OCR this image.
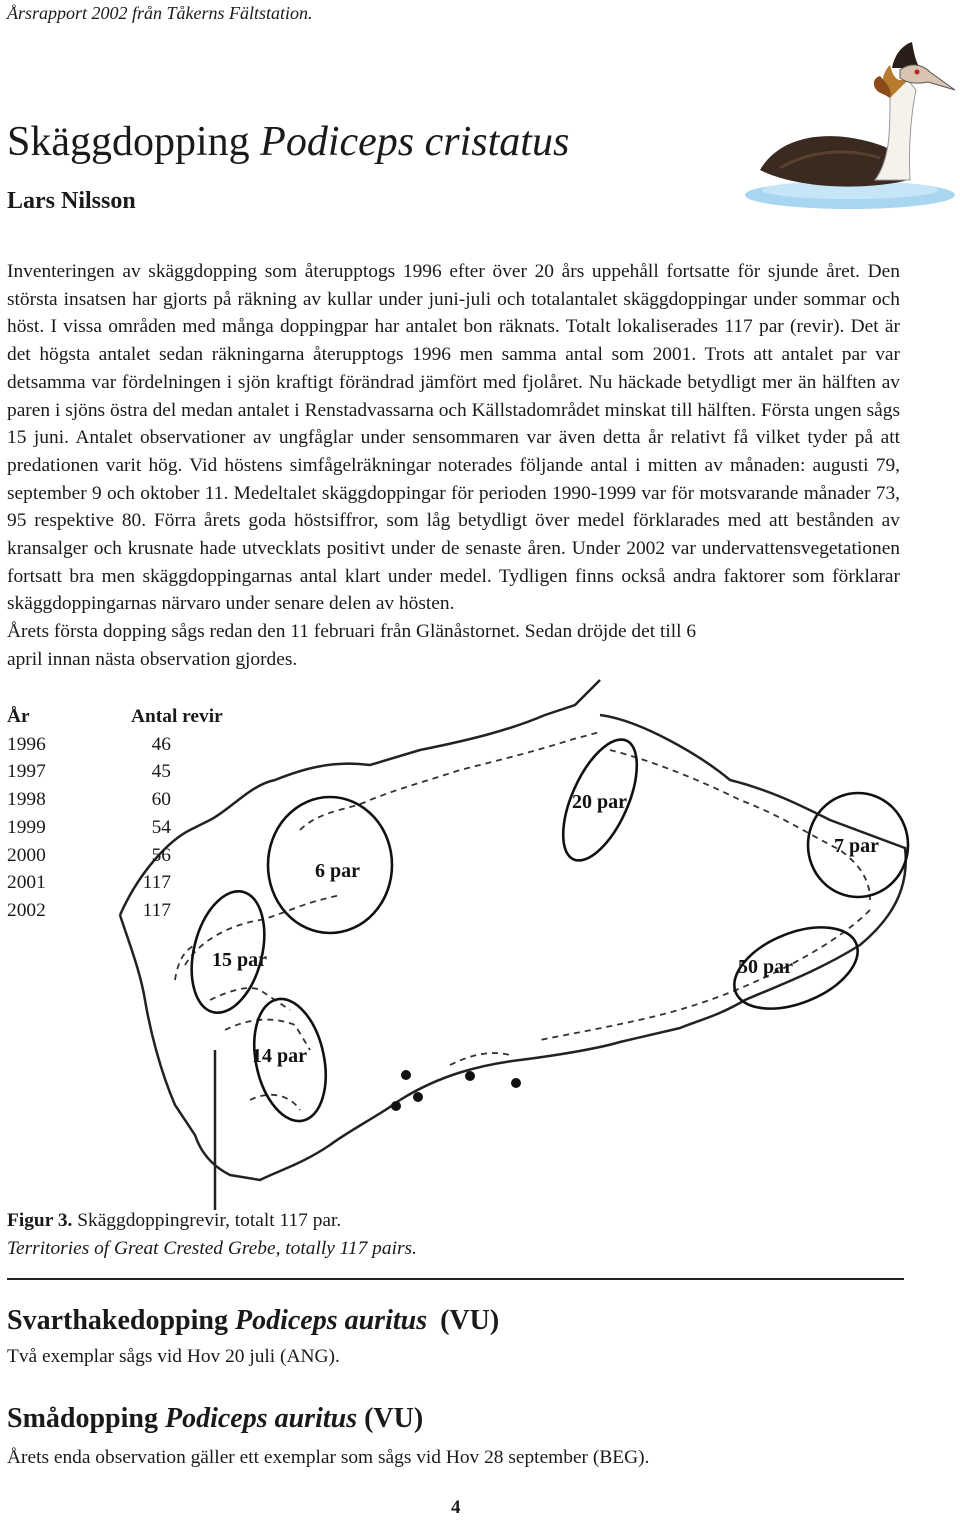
Årsrapport 2002 från Tåkerns Fältstation.
Skäggdopping Podiceps cristatus
Lars Nilsson

Inventeringen av skäggdopping som återupptogs 1996 efter över 20 års uppehåll fortsatte för sjunde året. Den största insatsen har gjorts på räkning av kullar under juni-juli och totalantalet skäggdoppingar under sommar och höst. I vissa områden med många doppingpar har antalet bon räknats. Totalt lokaliserades 117 par (revir). Det är det högsta antalet sedan räkningarna återupptogs 1996 men samma antal som 2001. Trots att antalet par var detsamma var fördelningen i sjön kraftigt förändrad jämfört med fjolåret. Nu häckade betydligt mer än hälften av paren i sjöns östra del medan antalet i Renstadvassarna och Källstadområdet minskat till hälften. Första ungen sågs 15 juni. Antalet observationer av ungfåglar under sensommaren var även detta år relativt få vilket tyder på att predationen varit hög. Vid höstens simfågelräkningar noterades följande antal i mitten av månaden: augusti 79, september 9 och oktober 11. Medeltalet skäggdoppingar för perioden 1990-1999 var för motsvarande månader 73, 95 respektive 80. Förra årets goda höstsiffror, som låg betydligt över medel förklarades med att bestånden av kransalger och krusnate hade utvecklats positivt under de senaste åren. Under 2002 var undervattensvegetationen fortsatt bra men skäggdoppingarnas antal klart under medel. Tydligen finns också andra faktorer som förklarar skäggdoppingarnas närvaro under senare delen av hösten.

Årets första dopping sågs redan den 11 februari från Glänåstornet. Sedan dröjde det till 6 april innan nästa observation gjordes.

20 par
7 par
6 par
15 par	50 par
14 par
År	Antal revir
1996	46
1997	45
1998	60
1999	54
2000	56
2001	117
2002	117
Figur 3. Skäggdoppingrevir, totalt 117 par.
Territories of Great Crested Grebe, totally 117 pairs.
Svarthakedopping Podiceps auritus (VU)
Två exemplar sågs vid Hov 20 juli (ANG).
Smådopping Podiceps auritus (VU)
Årets enda observation gäller ett exemplar som sågs vid Hov 28 september (BEG).
4
